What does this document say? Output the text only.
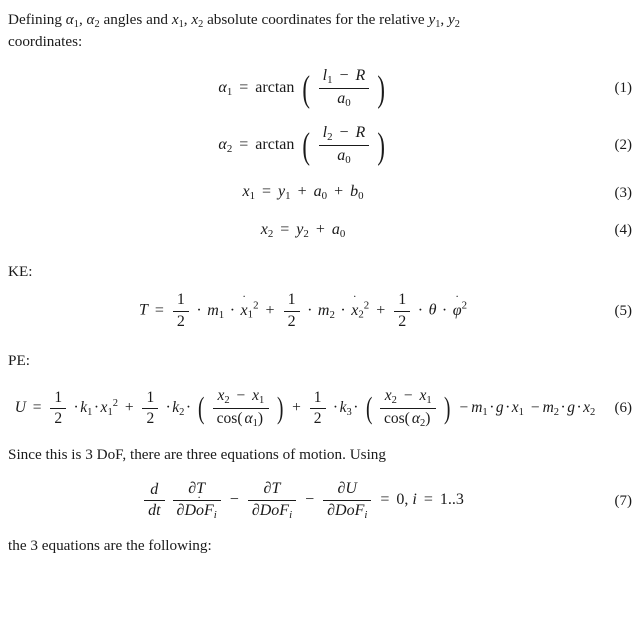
Defining α1, α2 angles and x1, x2 absolute coordinates for the relative y1, y2
coordinates:
α1 = arctan ( $\frac{l1 - R}{a0}$ )	(1)
α2 = arctan ( $\frac{l2 - R}{a0}$ )	(2)
x1 = y1 + a0 + b0	(3)
x2 = y2 + a0	(4)
KE:
$T = \frac{1}{2} \cdot m1 \cdot x1^2 + \frac{1}{2} \cdot m2 \cdot x2^2 + \frac{1}{2} \cdot \theta \cdot \varphi^2$	(5)
PE:
$U = \frac{1}{2} \cdot k1\cdot x1^2 + \frac{1}{2} \cdot k2\cdot$ ( $\frac{x2 - x1}{\cos( \alpha 1)}$ ) + $\frac{1}{2} \cdot k3\cdot$ ( $\frac{x2 - x1}{\cos( \alpha 2)}$ ) − m1·g·x1 − m2·g·x2	(6)
Since this is 3 DoF, there are three equations of motion. Using
$\frac{d}{dt}$
∂T
∂
$DoF_i - \frac{\partial T}{\partial DoF_i} - \frac{\partial U}{\partial DoF_i} = 0$, i = 1..3	(7)
the 3 equations are the following:
